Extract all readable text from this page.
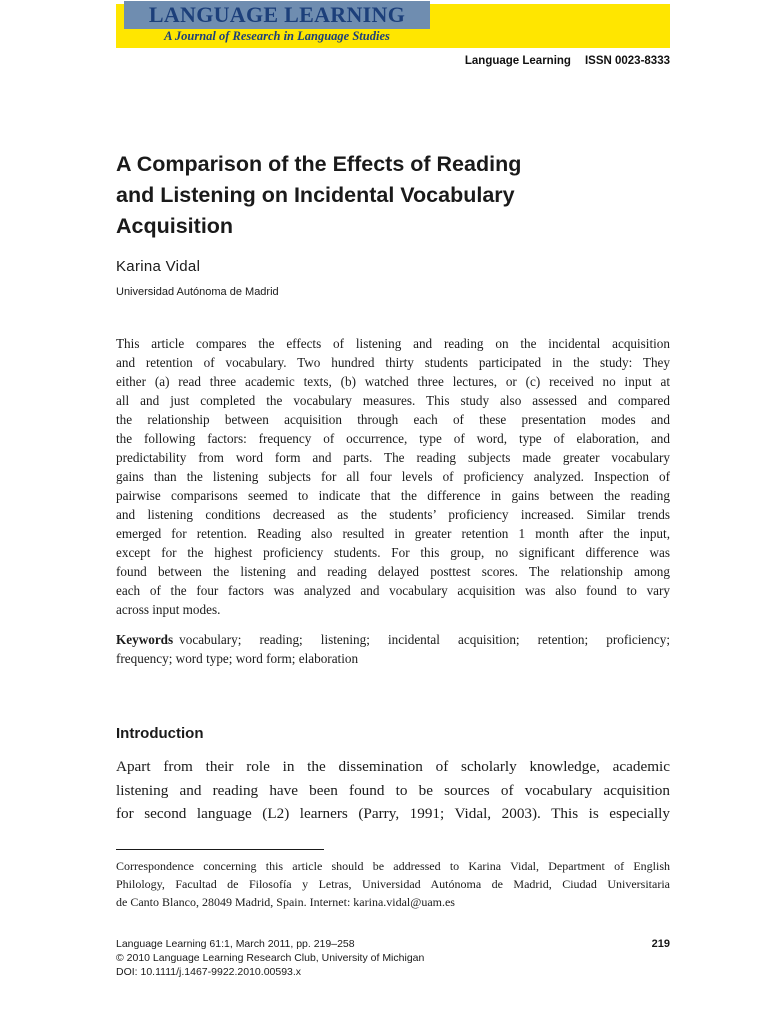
LANGUAGE LEARNING
A Journal of Research in Language Studies
Language Learning ISSN 0023-8333
A Comparison of the Effects of Reading
and Listening on Incidental Vocabulary
Acquisition
Karina Vidal
Universidad Autónoma de Madrid
This article compares the effects of listening and reading on the incidental acquisition
and retention of vocabulary. Two hundred thirty students participated in the study: They
either (a) read three academic texts, (b) watched three lectures, or (c) received no input at
all and just completed the vocabulary measures. This study also assessed and compared
the relationship between acquisition through each of these presentation modes and
the following factors: frequency of occurrence, type of word, type of elaboration, and
predictability from word form and parts. The reading subjects made greater vocabulary
gains than the listening subjects for all four levels of proficiency analyzed. Inspection of
pairwise comparisons seemed to indicate that the difference in gains between the reading
and listening conditions decreased as the students’ proficiency increased. Similar trends
emerged for retention. Reading also resulted in greater retention 1 month after the input,
except for the highest proficiency students. For this group, no significant difference was
found between the listening and reading delayed posttest scores. The relationship among
each of the four factors was analyzed and vocabulary acquisition was also found to vary
across input modes.
Keywords vocabulary; reading; listening; incidental acquisition; retention; proficiency;
frequency; word type; word form; elaboration
Introduction
Apart from their role in the dissemination of scholarly knowledge, academic
listening and reading have been found to be sources of vocabulary acquisition
for second language (L2) learners (Parry, 1991; Vidal, 2003). This is especially
Correspondence concerning this article should be addressed to Karina Vidal, Department of English
Philology, Facultad de Filosofía y Letras, Universidad Autónoma de Madrid, Ciudad Universitaria
de Canto Blanco, 28049 Madrid, Spain. Internet: karina.vidal@uam.es
Language Learning 61:1, March 2011, pp. 219–258
© 2010 Language Learning Research Club, University of Michigan
DOI: 10.1111/j.1467-9922.2010.00593.x
219
